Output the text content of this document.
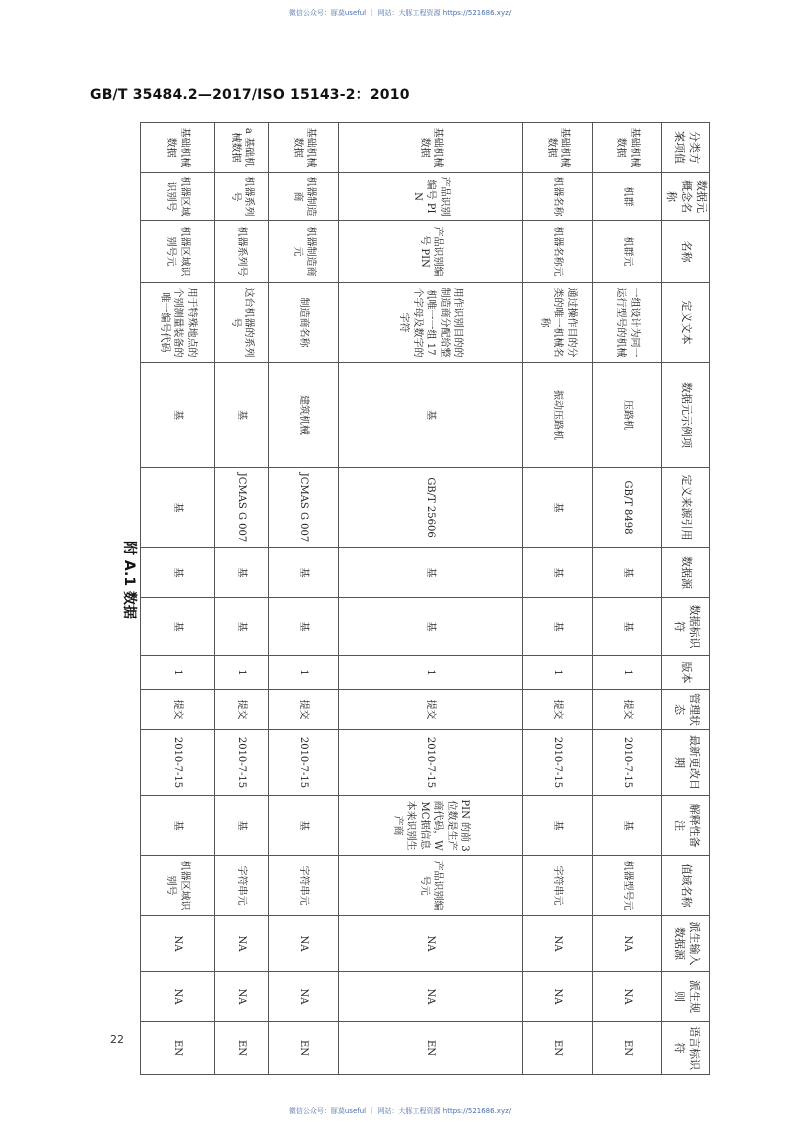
微信公众号：豚莫useful ｜ 网站：大豚工程资源 https://521686.xyz/
GB/T 35484.2—2017/ISO 15143-2：2010
附 A.1 数据
分类方案项值	数据元概念名称	名称	定义文本	数据元示例项	定义来源引用	数据源	数据标识符	版本	管理状态	最新更改日期	解释性备注	值域名称	派生输入数据源	派生规则	语言标识符
基础机械数据	机群	机群元	一组设计为同一运行型号的机械	压路机	GB/T 8498	基	基	1	提交	2010-7-15	基	机器型号元	NA	NA	EN
基础机械数据	机器名称	机器名称元	通过操作目的分类的唯一机械名称	振动压路机	基	基	基	1	提交	2010-7-15	基	字符串元	NA	NA	EN
基础机械数据	产品识别编号 PIN	产品识别编号 PIN	用作识别目的的制造商分配给整机唯一一组 17 个字母及数字的字符	基	GB/T 25606	基	基	1	提交	2010-7-15	PIN 的前 3 位数是生产商代码，WMC据信息本来识别生产商	产品识别编号元	NA	NA	EN
基础机械数据	机器制造商	机器制造商元	制造商名称	建筑机械	JCMAS G 007	基	基	1	提交	2010-7-15	基	字符串元	NA	NA	EN
a 基础机械数据	机器系列号	机器系列号	这台机器的系列号	基	JCMAS G 007	基	基	1	提交	2010-7-15	基	字符串元	NA	NA	EN
基础机械数据	机器区域识别号	机器区域识别号元	用于特殊地点的个别测量装备的唯一编号代码	基	基	基	基	1	提交	2010-7-15	基	机器区域识别号	NA	NA	EN
22
微信公众号：豚莫useful ｜ 网站：大豚工程资源 https://521686.xyz/
